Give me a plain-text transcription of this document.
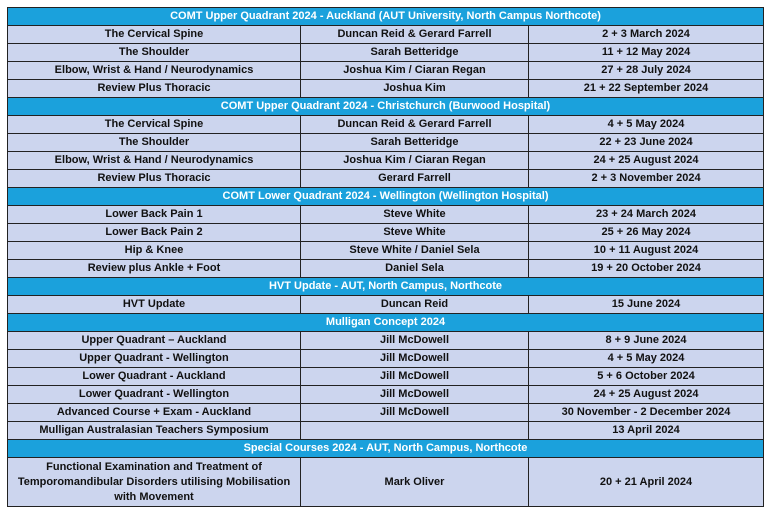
COMT Upper Quadrant 2024 - Auckland (AUT University, North Campus Northcote)		
The Cervical Spine	Duncan Reid & Gerard Farrell	2 + 3 March 2024
The Shoulder	Sarah Betteridge	11 + 12 May 2024
Elbow, Wrist & Hand / Neurodynamics	Joshua Kim / Ciaran Regan	27 + 28 July 2024
Review Plus Thoracic	Joshua Kim	21 + 22 September 2024
COMT Upper Quadrant 2024 - Christchurch (Burwood Hospital)		
The Cervical Spine	Duncan Reid & Gerard Farrell	4 + 5 May 2024
The Shoulder	Sarah Betteridge	22 + 23 June 2024
Elbow, Wrist & Hand / Neurodynamics	Joshua Kim / Ciaran Regan	24 + 25 August 2024
Review Plus Thoracic	Gerard Farrell	2 + 3 November 2024
COMT Lower Quadrant 2024 - Wellington (Wellington Hospital)		
Lower Back Pain 1	Steve White	23 + 24 March 2024
Lower Back Pain 2	Steve White	25 + 26 May 2024
Hip & Knee	Steve White / Daniel Sela	10 + 11 August 2024
Review plus Ankle + Foot	Daniel Sela	19 + 20 October 2024
HVT Update - AUT, North Campus, Northcote		
HVT Update	Duncan Reid	15 June 2024
Mulligan Concept 2024		
Upper Quadrant – Auckland	Jill McDowell	8 + 9 June 2024
Upper Quadrant - Wellington	Jill McDowell	4 + 5 May 2024
Lower Quadrant - Auckland	Jill McDowell	5 + 6 October 2024
Lower Quadrant - Wellington	Jill McDowell	24 + 25 August 2024
Advanced Course + Exam - Auckland	Jill McDowell	30 November - 2 December 2024
Mulligan Australasian Teachers Symposium		13 April 2024
Special Courses 2024 - AUT, North Campus, Northcote		
Functional Examination and Treatment of Temporomandibular Disorders utilising Mobilisation with Movement	Mark Oliver	20 + 21 April 2024
